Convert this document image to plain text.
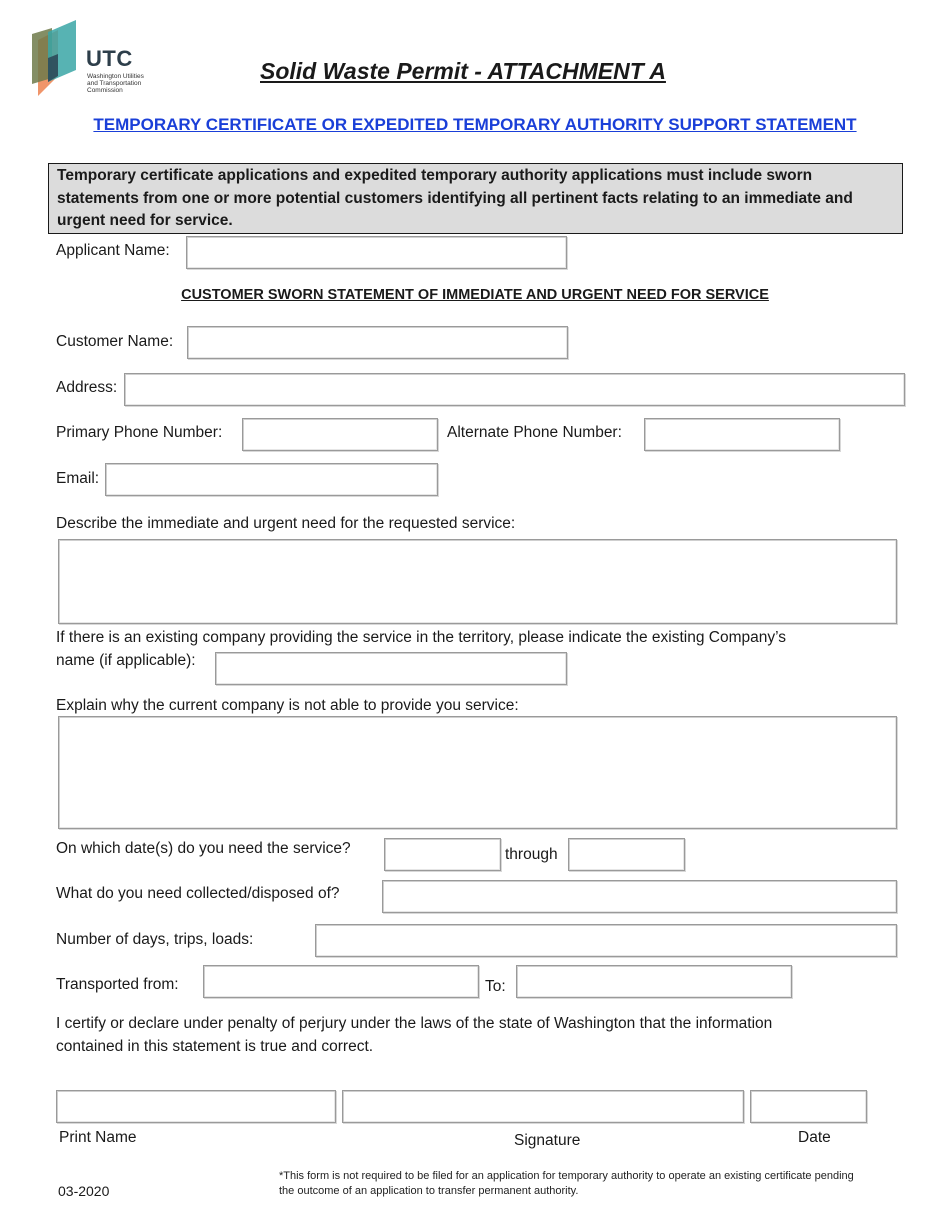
UTC
Washington Utilities
and Transportation
Commission
Solid Waste Permit - ATTACHMENT A
TEMPORARY CERTIFICATE OR EXPEDITED TEMPORARY AUTHORITY SUPPORT STATEMENT
Temporary certificate applications and expedited temporary authority applications must include sworn statements from one or more potential customers identifying all pertinent facts relating to an immediate and urgent need for service.
Applicant Name:
CUSTOMER SWORN STATEMENT OF IMMEDIATE AND URGENT NEED FOR SERVICE
Customer Name:
Address:
Primary Phone Number:	Alternate Phone Number:
Email:
Describe the immediate and urgent need for the requested service:
If there is an existing company providing the service in the territory, please indicate the existing Company’s
name (if applicable):
Explain why the current company is not able to provide you service:
On which date(s) do you need the service?	through
What do you need collected/disposed of?
Number of days, trips, loads:
Transported from:	To:
I certify or declare under penalty of perjury under the laws of the state of Washington that the information
contained in this statement is true and correct.
Print Name	Signature	Date
03-2020
*This form is not required to be filed for an application for temporary authority to operate an existing certificate pending
the outcome of an application to transfer permanent authority.
